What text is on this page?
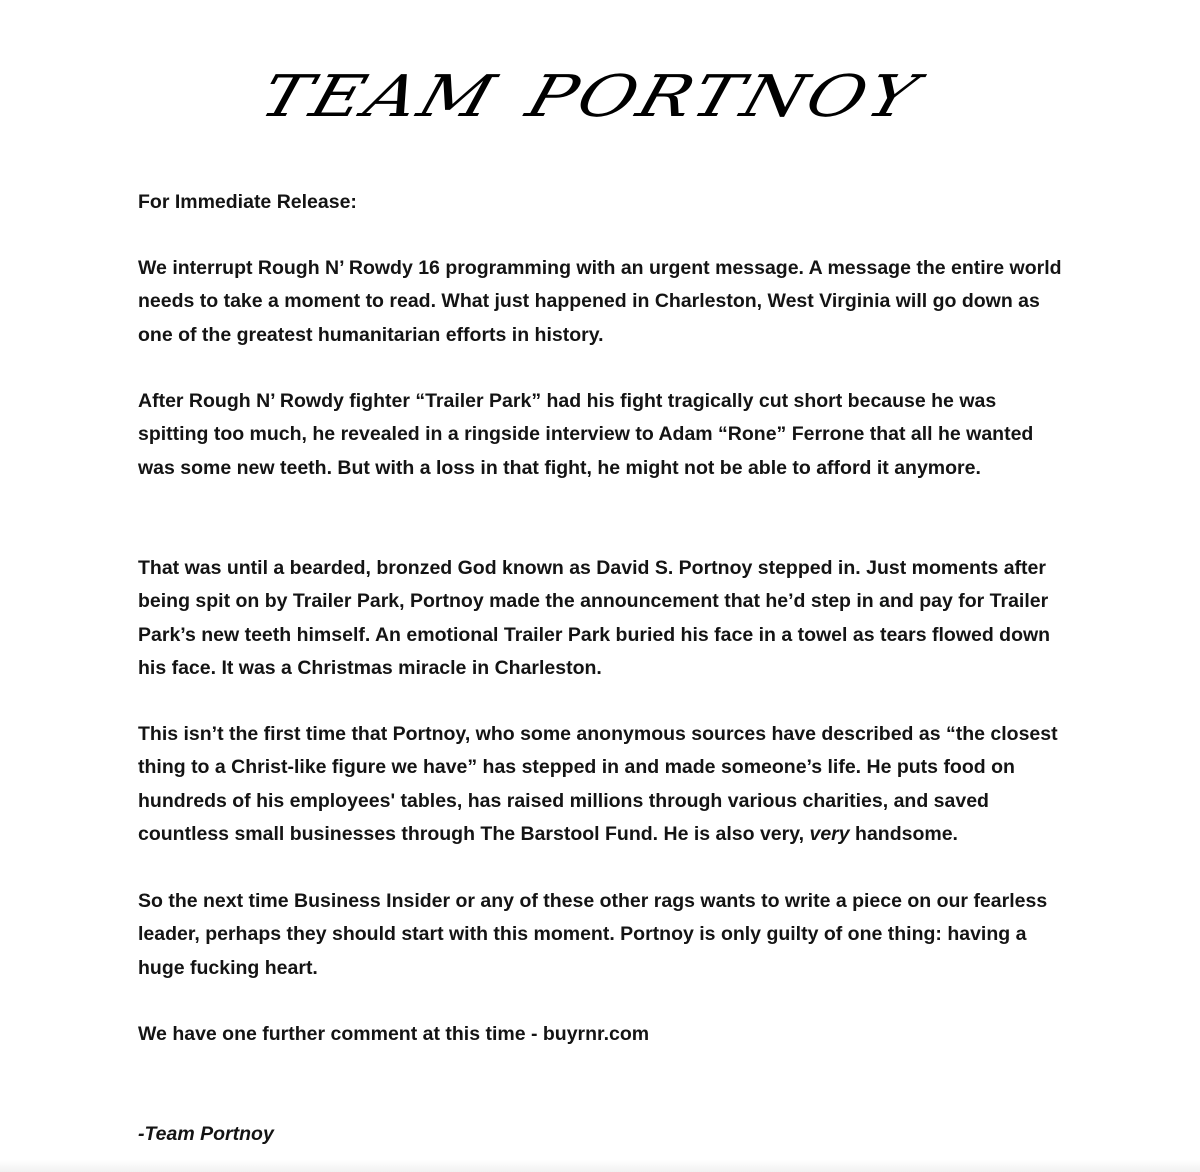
TEAM PORTNOY

For Immediate Release:

We interrupt Rough N’ Rowdy 16 programming with an urgent message. A message the entire world needs to take a moment to read. What just happened in Charleston, West Virginia will go down as one of the greatest humanitarian efforts in history.

After Rough N’ Rowdy fighter “Trailer Park” had his fight tragically cut short because he was spitting too much, he revealed in a ringside interview to Adam “Rone” Ferrone that all he wanted was some new teeth. But with a loss in that fight, he might not be able to afford it anymore.

That was until a bearded, bronzed God known as David S. Portnoy stepped in. Just moments after being spit on by Trailer Park, Portnoy made the announcement that he’d step in and pay for Trailer Park’s new teeth himself. An emotional Trailer Park buried his face in a towel as tears flowed down his face. It was a Christmas miracle in Charleston.

This isn’t the first time that Portnoy, who some anonymous sources have described as “the closest thing to a Christ-like figure we have” has stepped in and made someone’s life. He puts food on hundreds of his employees' tables, has raised millions through various charities, and saved countless small businesses through The Barstool Fund. He is also very, very handsome.

So the next time Business Insider or any of these other rags wants to write a piece on our fearless leader, perhaps they should start with this moment. Portnoy is only guilty of one thing: having a huge fucking heart.

We have one further comment at this time - buyrnr.com

-Team Portnoy
